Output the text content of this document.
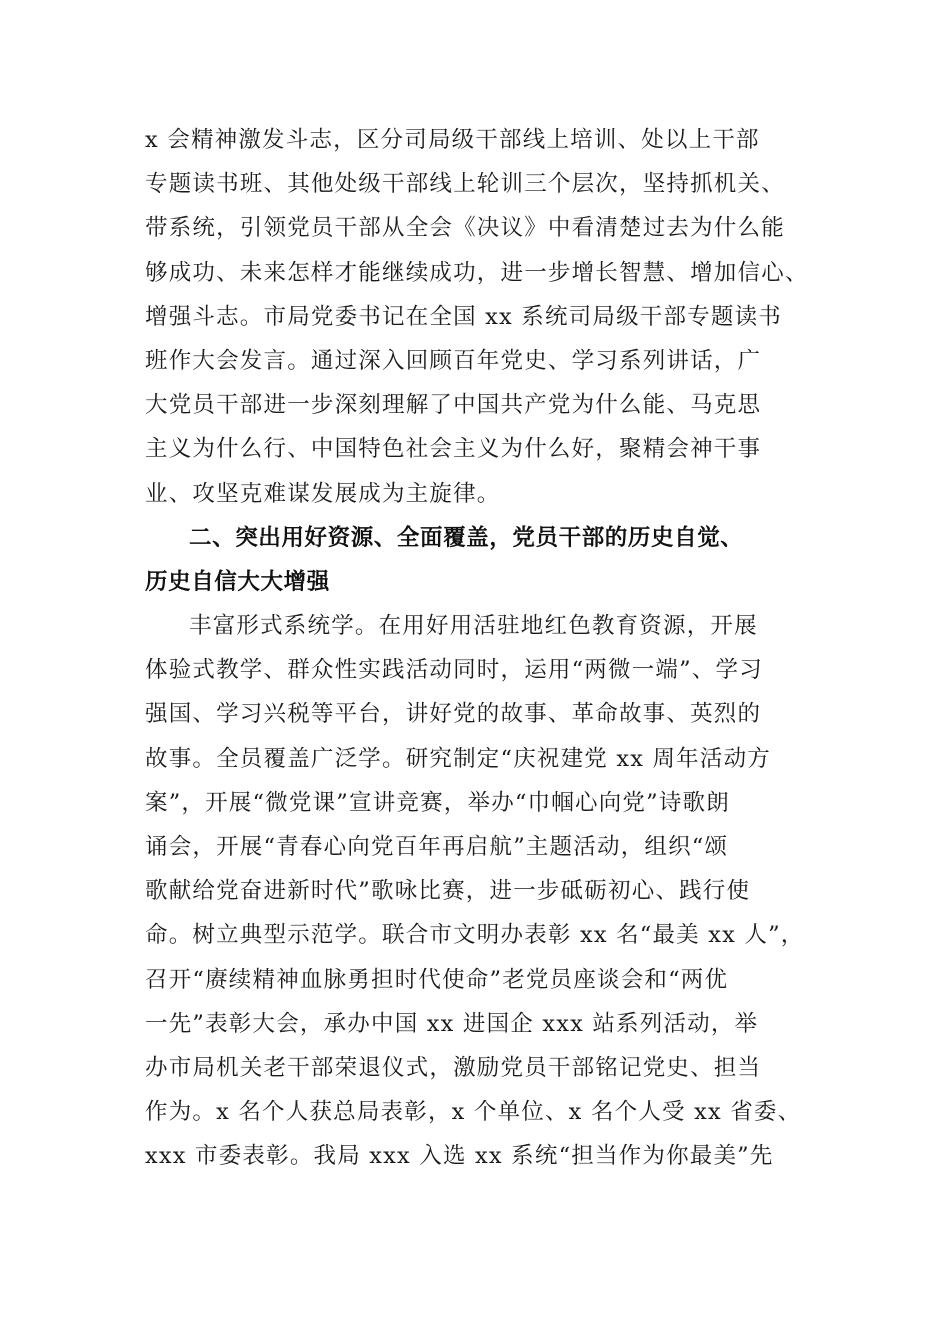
x 会精神激发斗志，区分司局级干部线上培训、处以上干部
专题读书班、其他处级干部线上轮训三个层次，坚持抓机关、
带系统，引领党员干部从全会《决议》中看清楚过去为什么能
够成功、未来怎样才能继续成功，进一步增长智慧、增加信心、
增强斗志。市局党委书记在全国 xx 系统司局级干部专题读书
班作大会发言。通过深入回顾百年党史、学习系列讲话，广
大党员干部进一步深刻理解了中国共产党为什么能、马克思
主义为什么行、中国特色社会主义为什么好，聚精会神干事
业、攻坚克难谋发展成为主旋律。
二、突出用好资源、全面覆盖，党员干部的历史自觉、
历史自信大大增强
丰富形式系统学。在用好用活驻地红色教育资源，开展
体验式教学、群众性实践活动同时，运用“两微一端”、学习
强国、学习兴税等平台，讲好党的故事、革命故事、英烈的
故事。全员覆盖广泛学。研究制定“庆祝建党 xx 周年活动方
案”，开展“微党课”宣讲竞赛，举办“巾帼心向党”诗歌朗
诵会，开展“青春心向党百年再启航”主题活动，组织“颂
歌献给党奋进新时代”歌咏比赛，进一步砥砺初心、践行使
命。树立典型示范学。联合市文明办表彰 xx 名“最美 xx 人”，
召开“赓续精神血脉勇担时代使命”老党员座谈会和“两优
一先”表彰大会，承办中国 xx 进国企 xxx 站系列活动，举
办市局机关老干部荣退仪式，激励党员干部铭记党史、担当
作为。x 名个人获总局表彰，x 个单位、x 名个人受 xx 省委、
xxx 市委表彰。我局 xxx 入选 xx 系统“担当作为你最美”先
